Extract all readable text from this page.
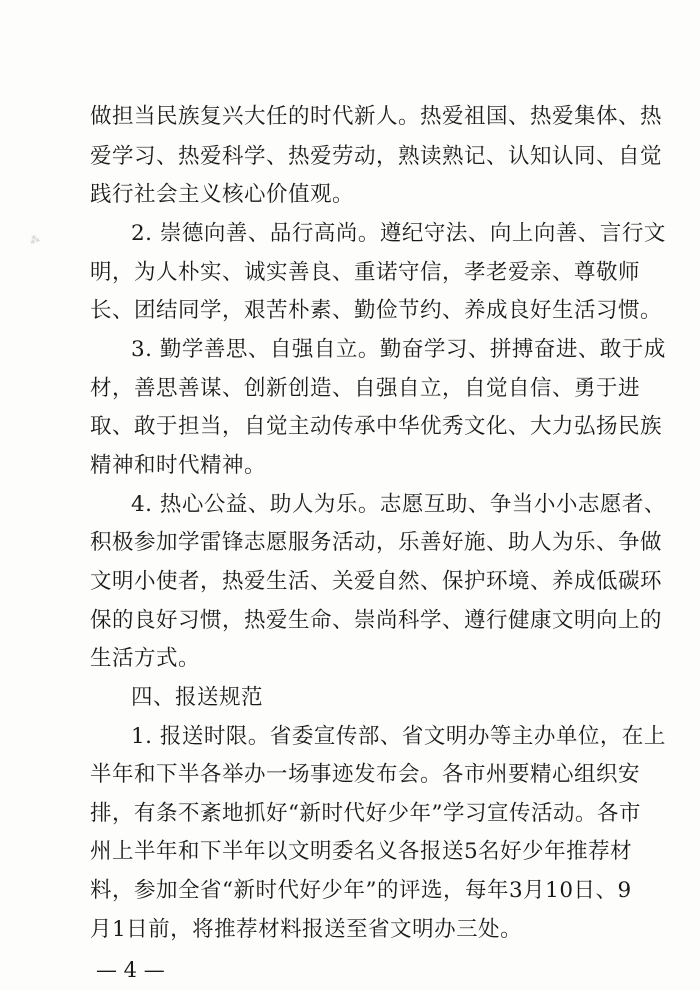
做担当民族复兴大任的时代新人。热爱祖国、热爱集体、热
爱学习、热爱科学、热爱劳动，熟读熟记、认知认同、自觉
践行社会主义核心价值观。
2. 崇德向善、品行高尚。遵纪守法、向上向善、言行文
明，为人朴实、诚实善良、重诺守信，孝老爱亲、尊敬师
长、团结同学，艰苦朴素、勤俭节约、养成良好生活习惯。
3. 勤学善思、自强自立。勤奋学习、拼搏奋进、敢于成
材，善思善谋、创新创造、自强自立，自觉自信、勇于进
取、敢于担当，自觉主动传承中华优秀文化、大力弘扬民族
精神和时代精神。
4. 热心公益、助人为乐。志愿互助、争当小小志愿者、
积极参加学雷锋志愿服务活动，乐善好施、助人为乐、争做
文明小使者，热爱生活、关爱自然、保护环境、养成低碳环
保的良好习惯，热爱生命、崇尚科学、遵行健康文明向上的
生活方式。
四、报送规范
1. 报送时限。省委宣传部、省文明办等主办单位，在上
半年和下半各举办一场事迹发布会。各市州要精心组织安
排，有条不紊地抓好“新时代好少年”学习宣传活动。各市
州上半年和下半年以文明委名义各报送5名好少年推荐材
料，参加全省“新时代好少年”的评选，每年3月10日、9
月1日前，将推荐材料报送至省文明办三处。
— 4 —
⁂
